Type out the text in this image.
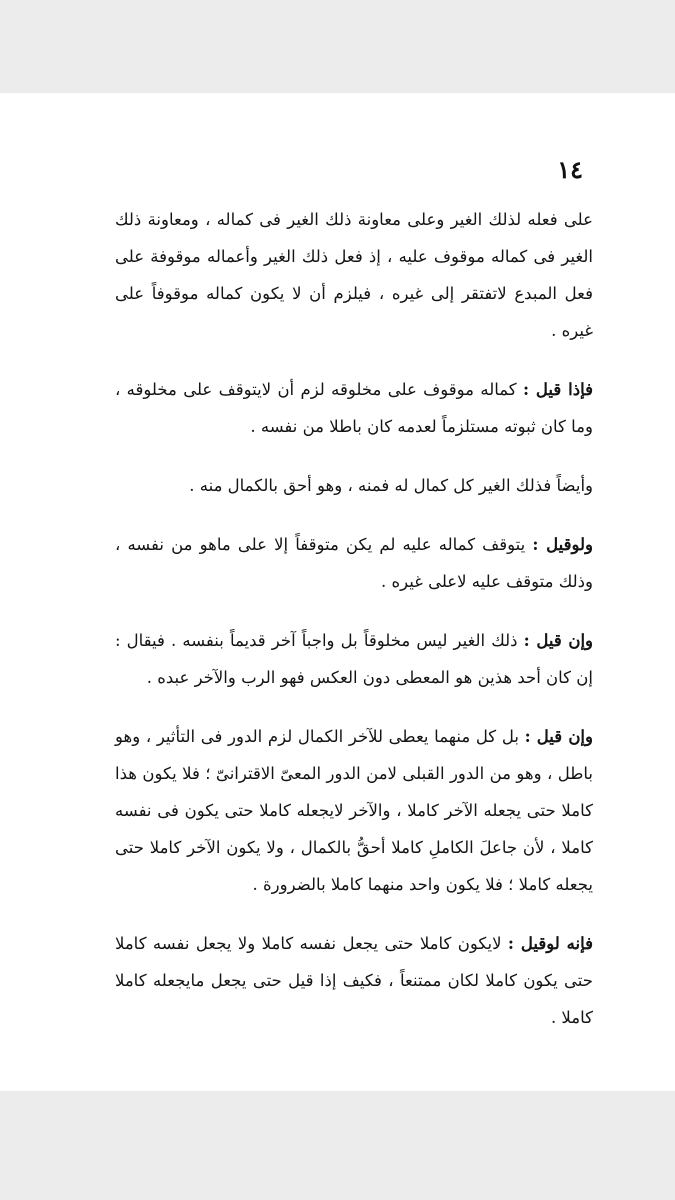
١٤

على فعله لذلك الغير وعلى معاونة ذلك الغير فى كماله ، ومعاونة ذلك الغير فى كماله موقوف عليه ، إذ فعل ذلك الغير وأعماله موقوفة على فعل المبدع لاتفتقر إلى غيره ، فيلزم أن لا يكون كماله موقوفاً على غيره .

فإذا قيل : كماله موقوف على مخلوقه لزم أن لايتوقف على مخلوقه ، وما كان ثبوته مستلزماً لعدمه كان باطلا من نفسه .

وأيضاً فذلك الغير كل كمال له فمنه ، وهو أحق بالكمال منه .

ولوقيل : يتوقف كماله عليه لم يكن متوقفاً إلا على ماهو من نفسه ، وذلك متوقف عليه لاعلى غيره .

وإن قيل : ذلك الغير ليس مخلوقاً بل واجباً آخر قديماً بنفسه . فيقال : إن كان أحد هذين هو المعطى دون العكس فهو الرب والآخر عبده .

وإن قيل : بل كل منهما يعطى للآخر الكمال لزم الدور فى التأثير ، وهو باطل ، وهو من الدور القبلى لامن الدور المعىّ الاقترانىّ ؛ فلا يكون هذا كاملا حتى يجعله الآخر كاملا ، والآخر لايجعله كاملا حتى يكون فى نفسه كاملا ، لأن جاعلَ الكاملِ كاملا أحقُّ بالكمال ، ولا يكون الآخر كاملا حتى يجعله كاملا ؛ فلا يكون واحد منهما كاملا بالضرورة .

فإنه لوقيل : لايكون كاملا حتى يجعل نفسه كاملا ولا يجعل نفسه كاملا حتى يكون كاملا لكان ممتنعاً ، فكيف إذا قيل حتى يجعل مايجعله كاملا كاملا .
